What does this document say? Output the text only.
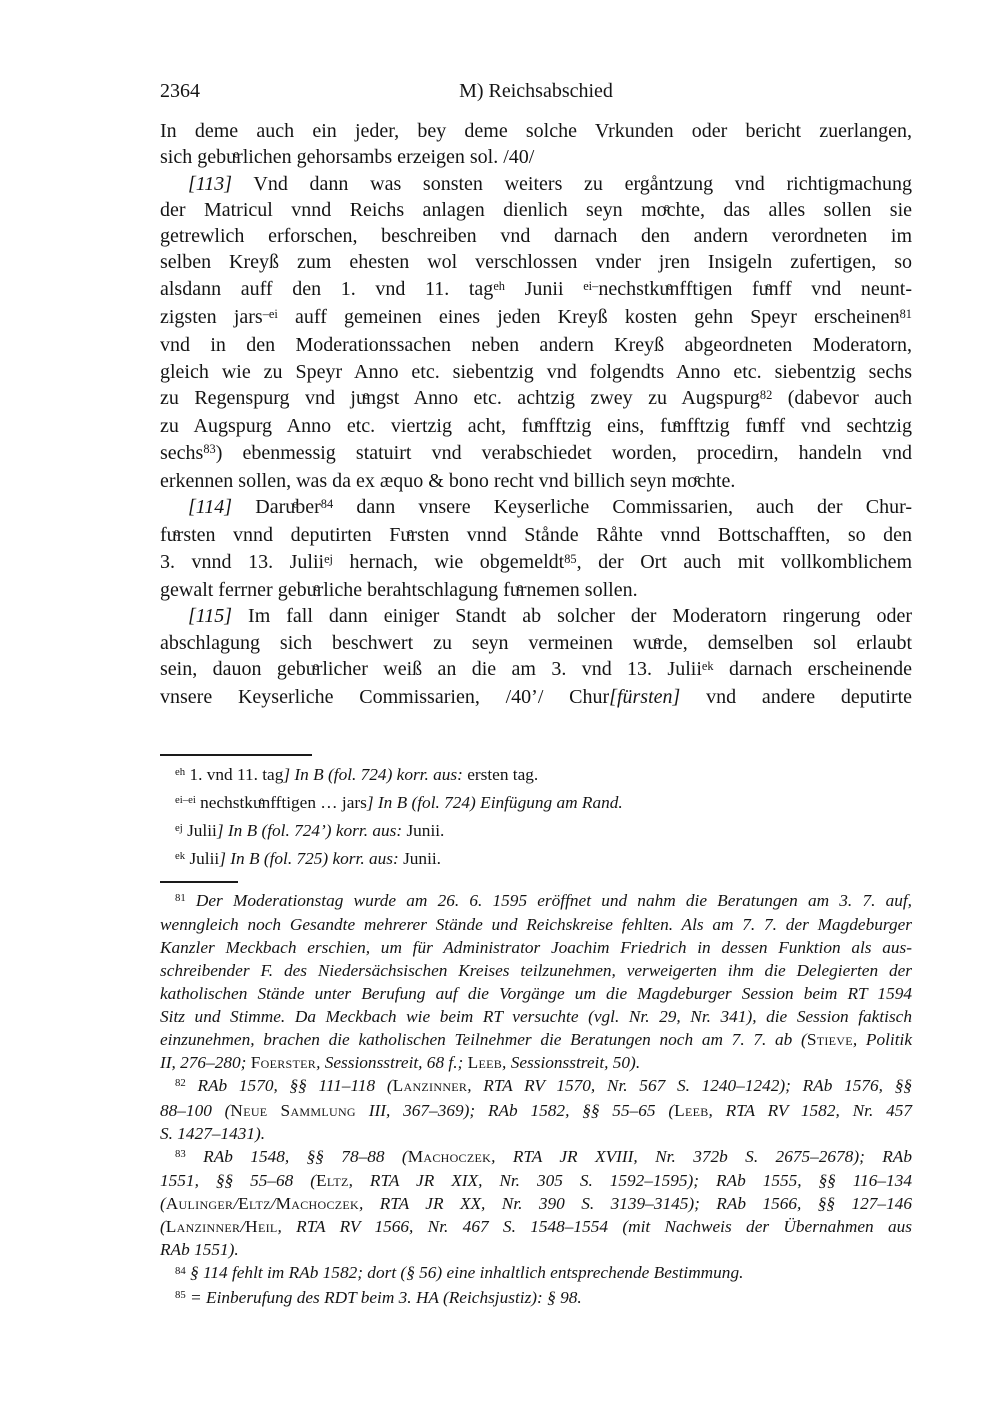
2364	M) Reichsabschied
In deme auch ein jeder, bey deme solche Vrkunden oder bericht zuerlangen,
sich gebuͤrlichen gehorsambs erzeigen sol. /40/
[113] Vnd dann was sonsten weiters zu ergåntzung vnd richtigmachung
der Matricul vnnd Reichs anlagen dienlich seyn moͤchte, das alles sollen sie
getrewlich erforschen, beschreiben vnd darnach den andern verordneten im
selben Kreyß zum ehesten wol verschlossen vnder jren Insigeln zufertigen, so
alsdann auff den 1. vnd 11. tag$^{eh}$ Junii $^{ei-}$nechstkuͤnfftigen fuͤnff vnd neunt-
zigsten jars$^{-ei}$ auff gemeinen eines jeden Kreyß kosten gehn Speyr erscheinen$^{81}$
vnd in den Moderationssachen neben andern Kreyß abgeordneten Moderatorn,
gleich wie zu Speyr Anno etc. siebentzig vnd folgendts Anno etc. siebentzig sechs
zu Regenspurg vnd juͤngst Anno etc. achtzig zwey zu Augspurg$^{82}$ (dabevor auch
zu Augspurg Anno etc. viertzig acht, fuͤnfftzig eins, fuͤnfftzig fuͤnff vnd sechtzig
sechs$^{83}$) ebenmessig statuirt vnd verabschiedet worden, procedirn, handeln vnd
erkennen sollen, was da ex æquo & bono recht vnd billich seyn moͤchte.
[114] Daruͤber$^{84}$ dann vnsere Keyserliche Commissarien, auch der Chur-
fuͤrsten vnnd deputirten Fuͤrsten vnnd Stånde Råhte vnnd Bottschafften, so den
3. vnnd 13. Julii$^{ej}$ hernach, wie obgemeldt$^{85}$, der Ort auch mit vollkomblichem
gewalt ferrner gebuͤrliche berahtschlagung fuͤrnemen sollen.
[115] Im fall dann einiger Standt ab solcher der Moderatorn ringerung oder
abschlagung sich beschwert zu seyn vermeinen wuͤrde, demselben sol erlaubt
sein, dauon gebuͤrlicher weiß an die am 3. vnd 13. Julii$^{ek}$ darnach erscheinende
vnsere Keyserliche Commissarien, /40’/ Chur[fürsten] vnd andere deputirte
$^{eh}$ 1. vnd 11. tag] In B (fol. 724) korr. aus: ersten tag.
$^{ei-ei}$ nechstkuͤnfftigen … jars] In B (fol. 724) Einfügung am Rand.
$^{ej}$ Julii] In B (fol. 724’) korr. aus: Junii.
$^{ek}$ Julii] In B (fol. 725) korr. aus: Junii.
$^{81}$ Der Moderationstag wurde am 26. 6. 1595 eröffnet und nahm die Beratungen am 3. 7. auf,
wenngleich noch Gesandte mehrerer Stände und Reichskreise fehlten. Als am 7. 7. der Magdeburger
Kanzler Meckbach erschien, um für Administrator Joachim Friedrich in dessen Funktion als aus-
schreibender F. des Niedersächsischen Kreises teilzunehmen, verweigerten ihm die Delegierten der
katholischen Stände unter Berufung auf die Vorgänge um die Magdeburger Session beim RT 1594
Sitz und Stimme. Da Meckbach wie beim RT versuchte (vgl. Nr. 29, Nr. 341), die Session faktisch
einzunehmen, brachen die katholischen Teilnehmer die Beratungen noch am 7. 7. ab (Stieve, Politik
II, 276–280; Foerster, Sessionsstreit, 68 f.; Leeb, Sessionsstreit, 50).
$^{82}$ RAb 1570, §§ 111–118 (Lanzinner, RTA RV 1570, Nr. 567 S. 1240–1242); RAb 1576, §§
88–100 (Neue Sammlung III, 367–369); RAb 1582, §§ 55–65 (Leeb, RTA RV 1582, Nr. 457
S. 1427–1431).
$^{83}$ RAb 1548, §§ 78–88 (Machoczek, RTA JR XVIII, Nr. 372b S. 2675–2678); RAb
1551, §§ 55–68 (Eltz, RTA JR XIX, Nr. 305 S. 1592–1595); RAb 1555, §§ 116–134
(Aulinger/Eltz/Machoczek, RTA JR XX, Nr. 390 S. 3139–3145); RAb 1566, §§ 127–146
(Lanzinner/Heil, RTA RV 1566, Nr. 467 S. 1548–1554 (mit Nachweis der Übernahmen aus
RAb 1551).
$^{84}$ § 114 fehlt im RAb 1582; dort (§ 56) eine inhaltlich entsprechende Bestimmung.
$^{85}$ = Einberufung des RDT beim 3. HA (Reichsjustiz): § 98.
